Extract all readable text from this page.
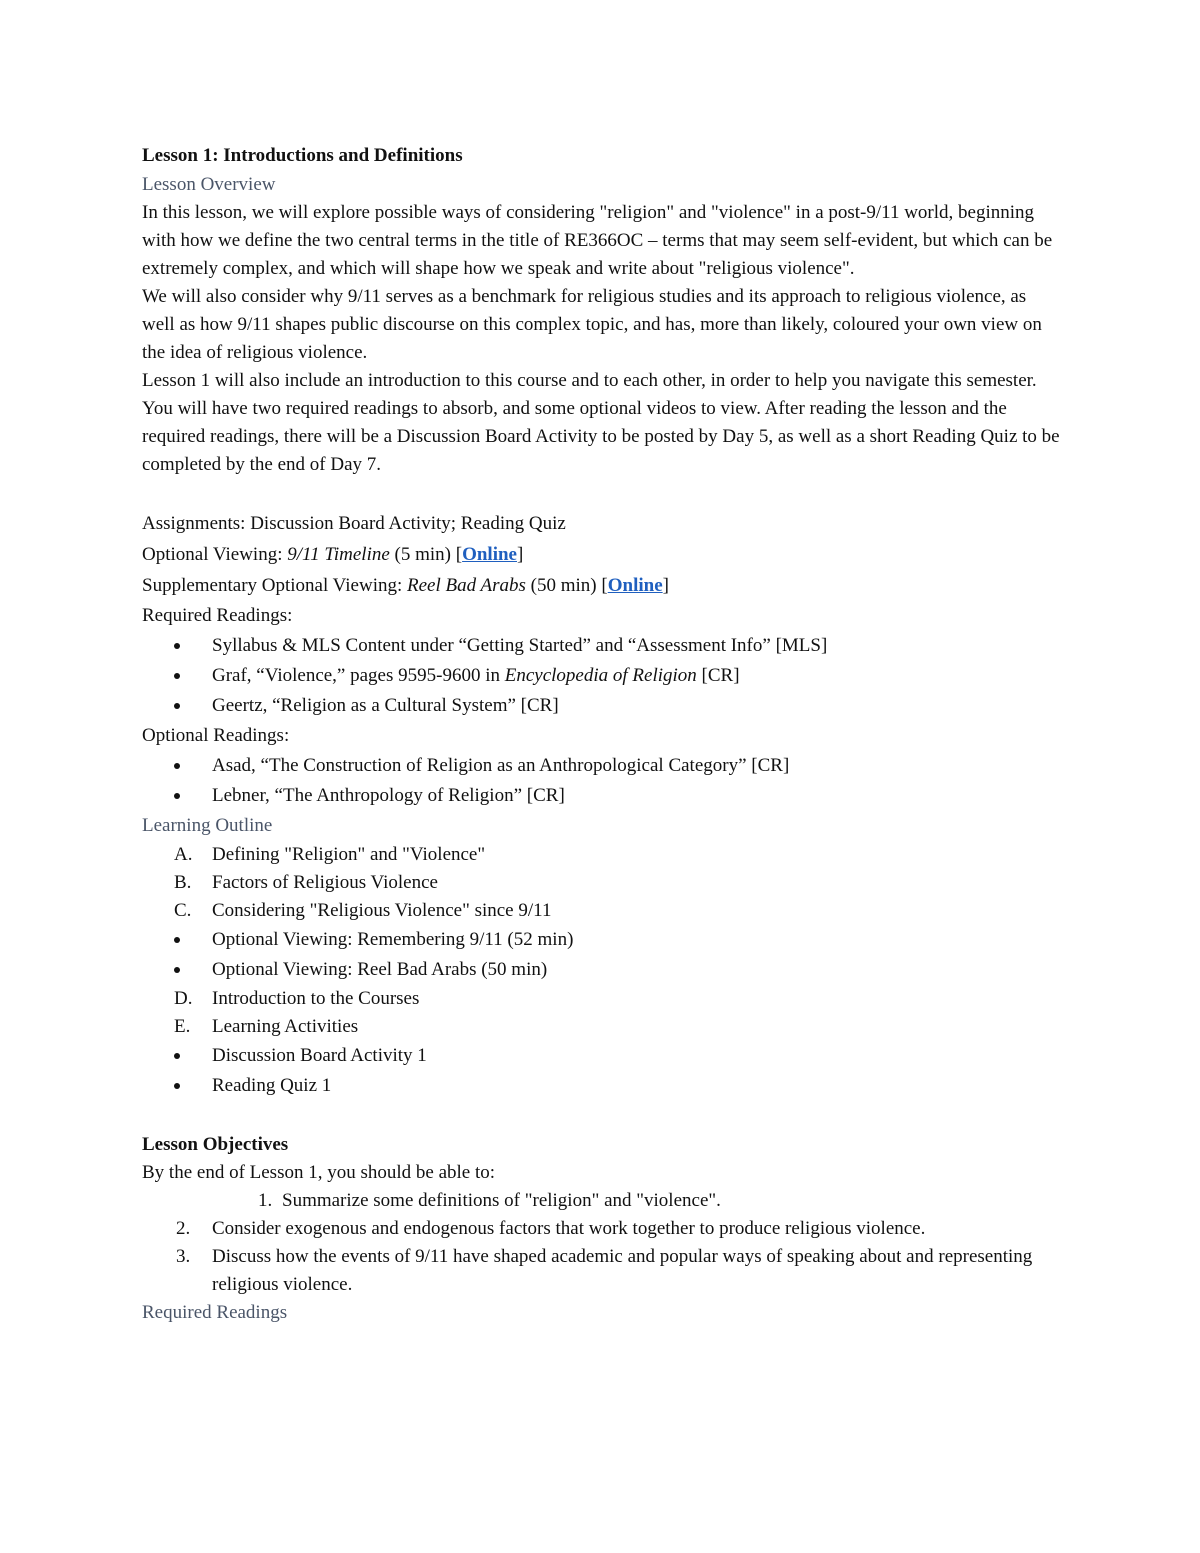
Lesson 1: Introductions and Definitions

Lesson Overview

In this lesson, we will explore possible ways of considering "religion" and "violence" in a post-9/11 world, beginning with how we define the two central terms in the title of RE366OC – terms that may seem self-evident, but which can be extremely complex, and which will shape how we speak and write about "religious violence".

We will also consider why 9/11 serves as a benchmark for religious studies and its approach to religious violence, as well as how 9/11 shapes public discourse on this complex topic, and has, more than likely, coloured your own view on the idea of religious violence.

Lesson 1 will also include an introduction to this course and to each other, in order to help you navigate this semester.

You will have two required readings to absorb, and some optional videos to view. After reading the lesson and the required readings, there will be a Discussion Board Activity to be posted by Day 5, as well as a short Reading Quiz to be completed by the end of Day 7.

Assignments: Discussion Board Activity; Reading Quiz

Optional Viewing: 9/11 Timeline (5 min) [Online]

Supplementary Optional Viewing: Reel Bad Arabs (50 min) [Online]

Required Readings:

Syllabus & MLS Content under “Getting Started” and “Assessment Info” [MLS]
Graf, “Violence,” pages 9595-9600 in Encyclopedia of Religion [CR]
Geertz, “Religion as a Cultural System” [CR]

Optional Readings:

Asad, “The Construction of Religion as an Anthropological Category” [CR]
Lebner, “The Anthropology of Religion” [CR]

Learning Outline

A. Defining "Religion" and "Violence"
B. Factors of Religious Violence
C. Considering "Religious Violence" since 9/11
Optional Viewing: Remembering 9/11 (52 min)
Optional Viewing: Reel Bad Arabs (50 min)
D. Introduction to the Courses
E. Learning Activities
Discussion Board Activity 1
Reading Quiz 1

Lesson Objectives

By the end of Lesson 1, you should be able to:

1. Summarize some definitions of "religion" and "violence".
2. Consider exogenous and endogenous factors that work together to produce religious violence.
3. Discuss how the events of 9/11 have shaped academic and popular ways of speaking about and representing religious violence.

Required Readings
